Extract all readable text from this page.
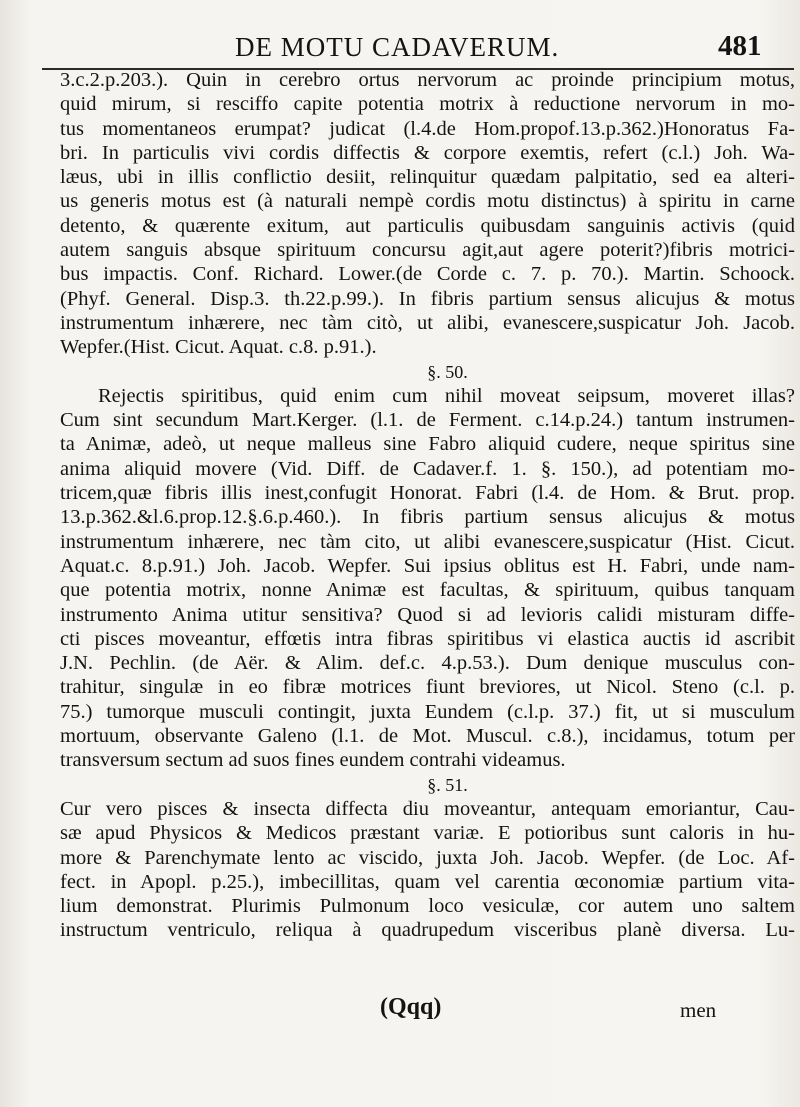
DE MOTU CADAVERUM.	481
3.c.2.p.203.). Quin in cerebro ortus nervorum ac proinde principium motus,
quid mirum, si resciffo capite potentia motrix à reductione nervorum in mo-
tus momentaneos erumpat? judicat (l.4.de Hom.propof.13.p.362.)Honoratus Fa-
bri. In particulis vivi cordis diffectis & corpore exemtis, refert (c.l.) Joh. Wa-
læus, ubi in illis conflictio desiit, relinquitur quædam palpitatio, sed ea alteri-
us generis motus est (à naturali nempè cordis motu distinctus) à spiritu in carne
detento, & quærente exitum, aut particulis quibusdam sanguinis activis (quid
autem sanguis absque spirituum concursu agit,aut agere poterit?)fibris motrici-
bus impactis. Conf. Richard. Lower.(de Corde c. 7. p. 70.). Martin. Schoock.
(Phyf. General. Disp.3. th.22.p.99.). In fibris partium sensus alicujus & motus
instrumentum inhærere, nec tàm citò, ut alibi, evanescere,suspicatur Joh. Jacob.
Wepfer.(Hist. Cicut. Aquat. c.8. p.91.).
§. 50.
Rejectis spiritibus, quid enim cum nihil moveat seipsum, moveret illas?
Cum sint secundum Mart.Kerger. (l.1. de Ferment. c.14.p.24.) tantum instrumen-
ta Animæ, adeò, ut neque malleus sine Fabro aliquid cudere, neque spiritus sine
anima aliquid movere (Vid. Diff. de Cadaver.f. 1. §. 150.), ad potentiam mo-
tricem,quæ fibris illis inest,confugit Honorat. Fabri (l.4. de Hom. & Brut. prop.
13.p.362.&l.6.prop.12.§.6.p.460.). In fibris partium sensus alicujus & motus
instrumentum inhærere, nec tàm cito, ut alibi evanescere,suspicatur (Hist. Cicut.
Aquat.c. 8.p.91.) Joh. Jacob. Wepfer. Sui ipsius oblitus est H. Fabri, unde nam-
que potentia motrix, nonne Animæ est facultas, & spirituum, quibus tanquam
instrumento Anima utitur sensitiva? Quod si ad levioris calidi misturam diffe-
cti pisces moveantur, effœtis intra fibras spiritibus vi elastica auctis id ascribit
J.N. Pechlin. (de Aër. & Alim. def.c. 4.p.53.). Dum denique musculus con-
trahitur, singulæ in eo fibræ motrices fiunt breviores, ut Nicol. Steno (c.l. p.
75.) tumorque musculi contingit, juxta Eundem (c.l.p. 37.) fit, ut si musculum
mortuum, observante Galeno (l.1. de Mot. Muscul. c.8.), incidamus, totum per
transversum sectum ad suos fines eundem contrahi videamus.
§. 51.
Cur vero pisces & insecta diffecta diu moveantur, antequam emoriantur, Cau-
sæ apud Physicos & Medicos præstant variæ. E potioribus sunt caloris in hu-
more & Parenchymate lento ac viscido, juxta Joh. Jacob. Wepfer. (de Loc. Af-
fect. in Apopl. p.25.), imbecillitas, quam vel carentia œconomiæ partium vita-
lium demonstrat. Plurimis Pulmonum loco vesiculæ, cor autem uno saltem
instructum ventriculo, reliqua à quadrupedum visceribus planè diversa. Lu-
(Qqq)	men
